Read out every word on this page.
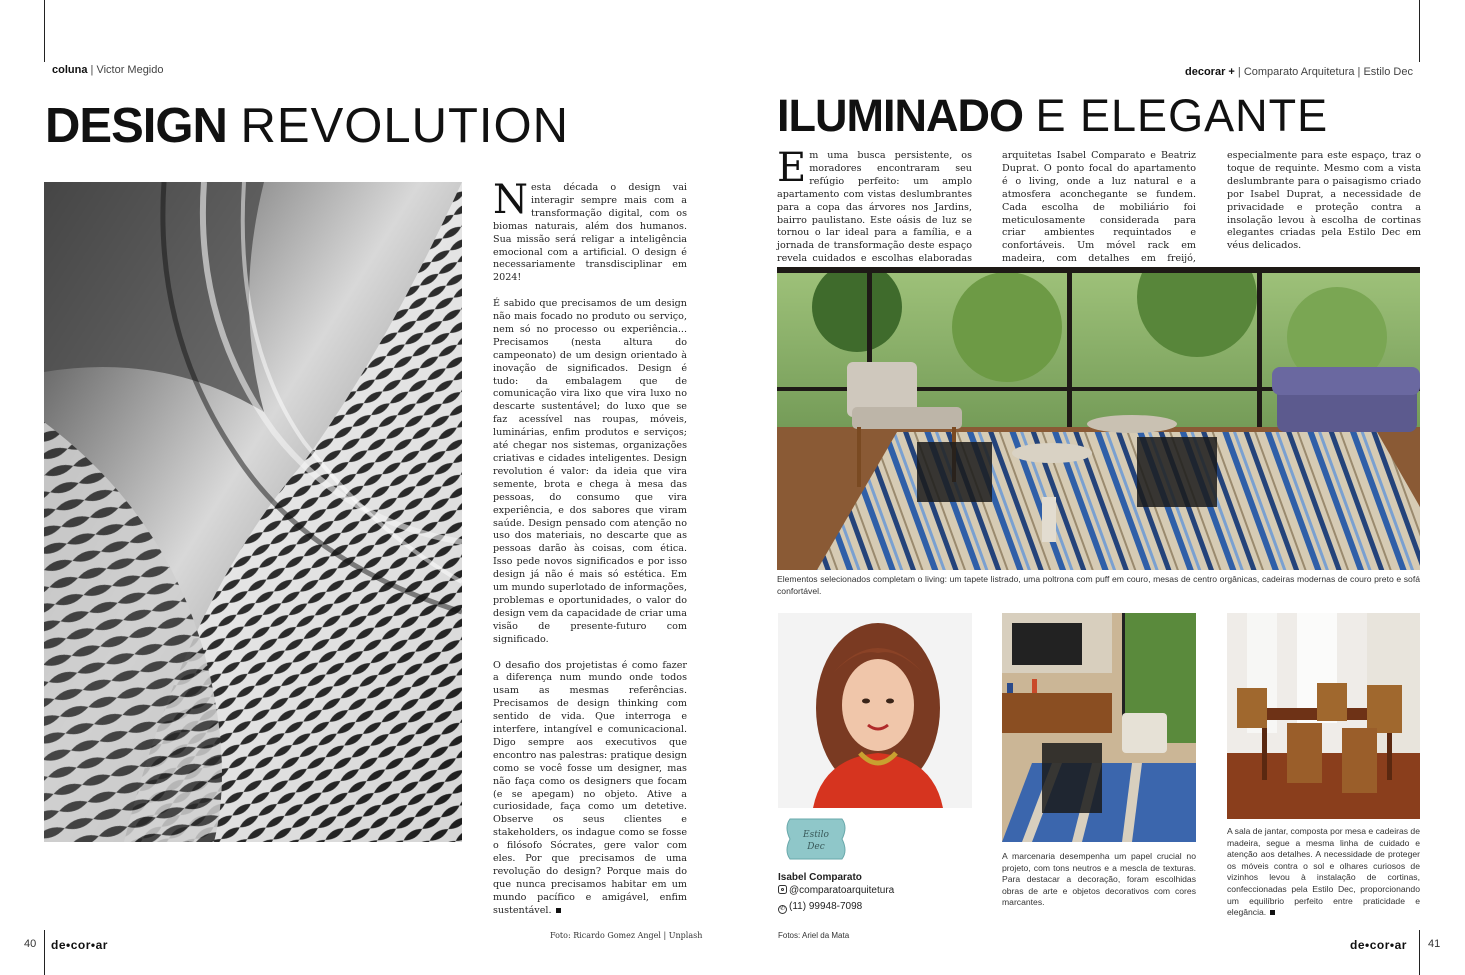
coluna | Victor Megido
DESIGN REVOLUTION

Nesta década o design vai interagir sempre mais com a transformação digital, com os biomas naturais, além dos humanos. Sua missão será religar a inteligência emocional com a artificial. O design é necessariamente transdisciplinar em 2024!

É sabido que precisamos de um design não mais focado no produto ou serviço, nem só no processo ou experiência... Precisamos (nesta altura do campeonato) de um design orientado à inovação de significados. Design é tudo: da embalagem que de comunicação vira lixo que vira luxo no descarte sustentável; do luxo que se faz acessível nas roupas, móveis, luminárias, enfim produtos e serviços; até chegar nos sistemas, organizações criativas e cidades inteligentes. Design revolution é valor: da ideia que vira semente, brota e chega à mesa das pessoas, do consumo que vira experiência, e dos sabores que viram saúde. Design pensado com atenção no uso dos materiais, no descarte que as pessoas darão às coisas, com ética. Isso pede novos significados e por isso design já não é mais só estética. Em um mundo superlotado de informações, problemas e oportunidades, o valor do design vem da capacidade de criar uma visão de presente-futuro com significado.

O desafio dos projetistas é como fazer a diferença num mundo onde todos usam as mesmas referências. Precisamos de design thinking com sentido de vida. Que interroga e interfere, intangível e comunicacional. Digo sempre aos executivos que encontro nas palestras: pratique design como se você fosse um designer, mas não faça como os designers que focam (e se apegam) no objeto. Ative a curiosidade, faça como um detetive. Observe os seus clientes e stakeholders, os indague como se fosse o filósofo Sócrates, gere valor com eles. Por que precisamos de uma revolução do design? Porque mais do que nunca precisamos habitar em um mundo pacífico e amigável, enfim sustentável.

Foto: Ricardo Gomez Angel | Unplash
40 de•cor•ar
decorar + | Comparato Arquitetura | Estilo Dec
ILUMINADO E ELEGANTE
Em uma busca persistente, os moradores encontraram seu refúgio perfeito: um amplo apartamento com vistas deslumbrantes para a copa das árvores nos Jardins, bairro paulistano. Este oásis de luz se tornou o lar ideal para a família, e a jornada de transformação deste espaço revela cuidados e escolhas elaboradas
arquitetas Isabel Comparato e Beatriz Duprat. O ponto focal do apartamento é o living, onde a luz natural e a atmosfera aconchegante se fundem. Cada escolha de mobiliário foi meticulosamente considerada para criar ambientes requintados e confortáveis. Um móvel rack em madeira, com detalhes em freijó,
especialmente para este espaço, traz o toque de requinte. Mesmo com a vista deslumbrante para o paisagismo criado por Isabel Duprat, a necessidade de privacidade e proteção contra a insolação levou à escolha de cortinas elegantes criadas pela Estilo Dec em véus delicados.
Elementos selecionados completam o living: um tapete listrado, uma poltrona com puff em couro, mesas de centro orgânicas, cadeiras modernas de couro preto e sofá confortável.
Estilo
Dec
Isabel Comparato
@comparatoarquitetura
✆ (11) 99948-7098
A marcenaria desempenha um papel crucial no projeto, com tons neutros e a mescla de texturas. Para destacar a decoração, foram escolhidas obras de arte e objetos decorativos com cores marcantes.
A sala de jantar, composta por mesa e cadeiras de madeira, segue a mesma linha de cuidado e atenção aos detalhes. A necessidade de proteger os móveis contra o sol e olhares curiosos de vizinhos levou à instalação de cortinas, confeccionadas pela Estilo Dec, proporcionando um equilíbrio perfeito entre praticidade e elegância.
Fotos: Ariel da Mata
de•cor•ar 41
